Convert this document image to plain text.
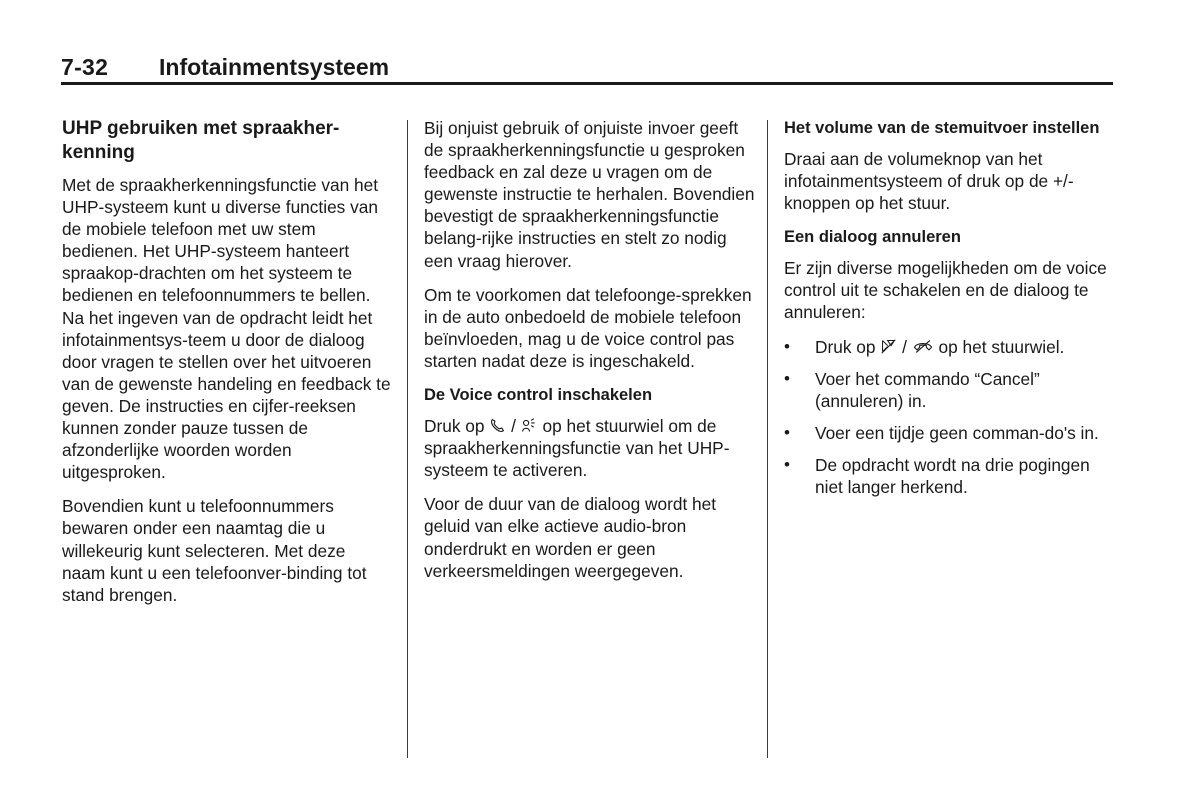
7-32 Infotainmentsysteem
UHP gebruiken met spraakher-
kenning

Met de spraakherkenningsfunctie van het UHP-systeem kunt u diverse functies van de mobiele telefoon met uw stem bedienen. Het UHP-systeem hanteert spraakop-drachten om het systeem te bedienen en telefoonnummers te bellen. Na het ingeven van de opdracht leidt het infotainmentsys-teem u door de dialoog door vragen te stellen over het uitvoeren van de gewenste handeling en feedback te geven. De instructies en cijfer-reeksen kunnen zonder pauze tussen de afzonderlijke woorden worden uitgesproken.

Bovendien kunt u telefoonnummers bewaren onder een naamtag die u willekeurig kunt selecteren. Met deze naam kunt u een telefoonver-binding tot stand brengen.

Bij onjuist gebruik of onjuiste invoer geeft de spraakherkenningsfunctie u gesproken feedback en zal deze u vragen om de gewenste instructie te herhalen. Bovendien bevestigt de spraakherkenningsfunctie belang-rijke instructies en stelt zo nodig een vraag hierover.

Om te voorkomen dat telefoonge-sprekken in de auto onbedoeld de mobiele telefoon beïnvloeden, mag u de voice control pas starten nadat deze is ingeschakeld.

De Voice control inschakelen

Druk op  /  op het stuurwiel om de spraakherkenningsfunctie van het UHP-systeem te activeren.

Voor de duur van de dialoog wordt het geluid van elke actieve audio-bron onderdrukt en worden er geen verkeersmeldingen weergegeven.

Het volume van de stemuitvoer instellen

Draai aan de volumeknop van het infotainmentsysteem of druk op de +/- knoppen op het stuur.

Een dialoog annuleren

Er zijn diverse mogelijkheden om de voice control uit te schakelen en de dialoog te annuleren:

• Druk op  /  op het stuurwiel.
• Voer het commando “Cancel” (annuleren) in.
• Voer een tijdje geen comman-do's in.
• De opdracht wordt na drie pogingen niet langer herkend.
